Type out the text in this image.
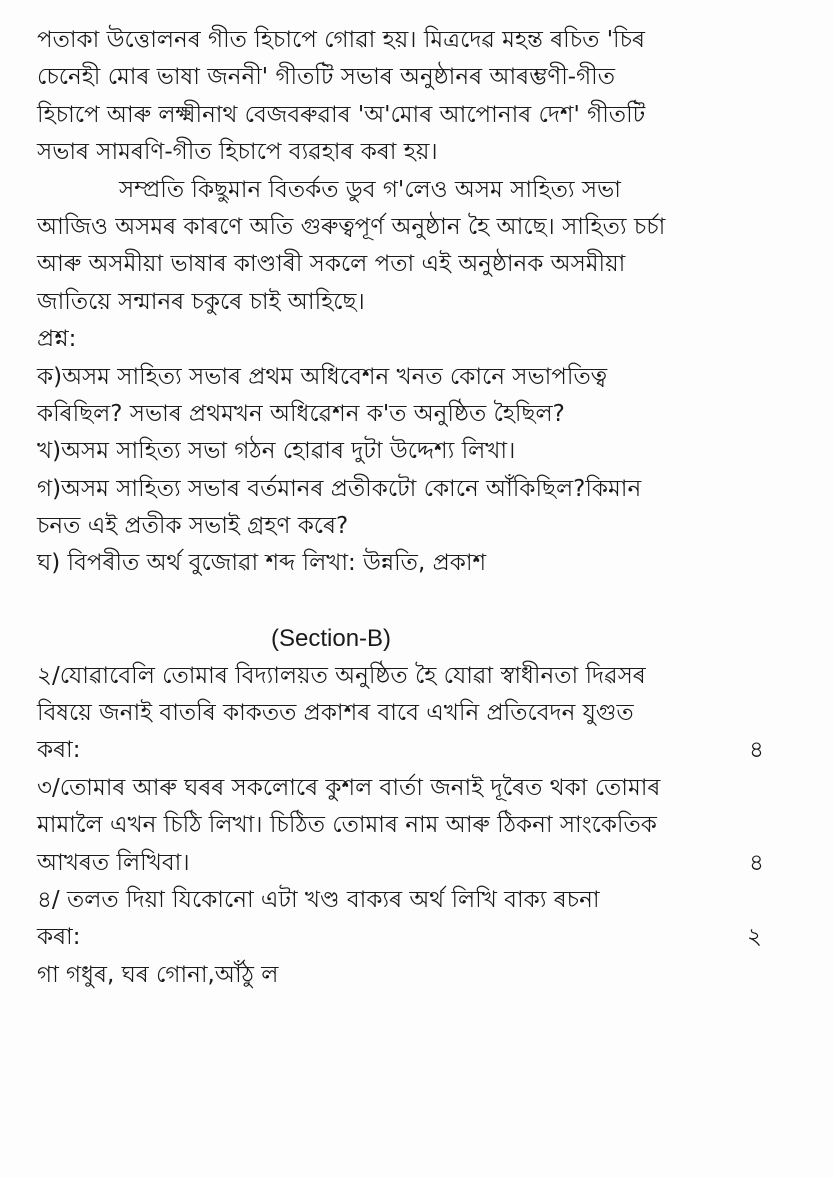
পতাকা উত্তোলনৰ গীত হিচাপে গোৱা হয়। মিত্ৰদেৱ মহন্ত ৰচিত 'চিৰ
চেনেহী মোৰ ভাষা জননী' গীতটি সভাৰ অনুষ্ঠানৰ আৰম্ভণী-গীত
হিচাপে আৰু লক্ষ্মীনাথ বেজবৰুৱাৰ 'অ'মোৰ আপোনাৰ দেশ' গীতটি
সভাৰ সামৰণি-গীত হিচাপে ব্যৱহাৰ কৰা হয়।
সম্প্ৰতি কিছুমান বিতৰ্কত ডুব গ'লেও অসম সাহিত্য সভা
আজিও অসমৰ কাৰণে অতি গুৰুত্বপূৰ্ণ অনুষ্ঠান হৈ আছে। সাহিত্য চৰ্চা
আৰু অসমীয়া ভাষাৰ কাণ্ডাৰী সকলে পতা এই অনুষ্ঠানক অসমীয়া
জাতিয়ে সন্মানৰ চকুৰে চাই আহিছে।
প্ৰশ্ন:
ক)অসম সাহিত্য সভাৰ প্ৰথম অধিবেশন খনত কোনে সভাপতিত্ব
কৰিছিল? সভাৰ প্ৰথমখন অধিৱেশন ক'ত অনুষ্ঠিত হৈছিল?
খ)অসম সাহিত্য সভা গঠন হোৱাৰ দুটা উদ্দেশ্য লিখা।
গ)অসম সাহিত্য সভাৰ বৰ্তমানৰ প্ৰতীকটো কোনে আঁকিছিল?কিমান
চনত এই প্ৰতীক সভাই গ্ৰহণ কৰে?
ঘ) বিপৰীত অৰ্থ বুজোৱা শব্দ লিখা: উন্নতি, প্ৰকাশ
(Section-B)
২/যোৱাবেলি তোমাৰ বিদ্যালয়ত অনুষ্ঠিত হৈ যোৱা স্বাধীনতা দিৱসৰ
বিষয়ে জনাই বাতৰি কাকতত প্ৰকাশৰ বাবে এখনি প্ৰতিবেদন যুগুত
কৰা:	৪
৩/তোমাৰ আৰু ঘৰৰ সকলোৰে কুশল বাৰ্তা জনাই দূৰৈত থকা তোমাৰ
মামালৈ এখন চিঠি লিখা। চিঠিত তোমাৰ নাম আৰু ঠিকনা সাংকেতিক
আখৰত লিখিবা।	৪
৪/ তলত দিয়া যিকোনো এটা খণ্ড বাক্যৰ অৰ্থ লিখি বাক্য ৰচনা
কৰা:	২
গা গধুৰ, ঘৰ গোনা,আঁঠু ল
